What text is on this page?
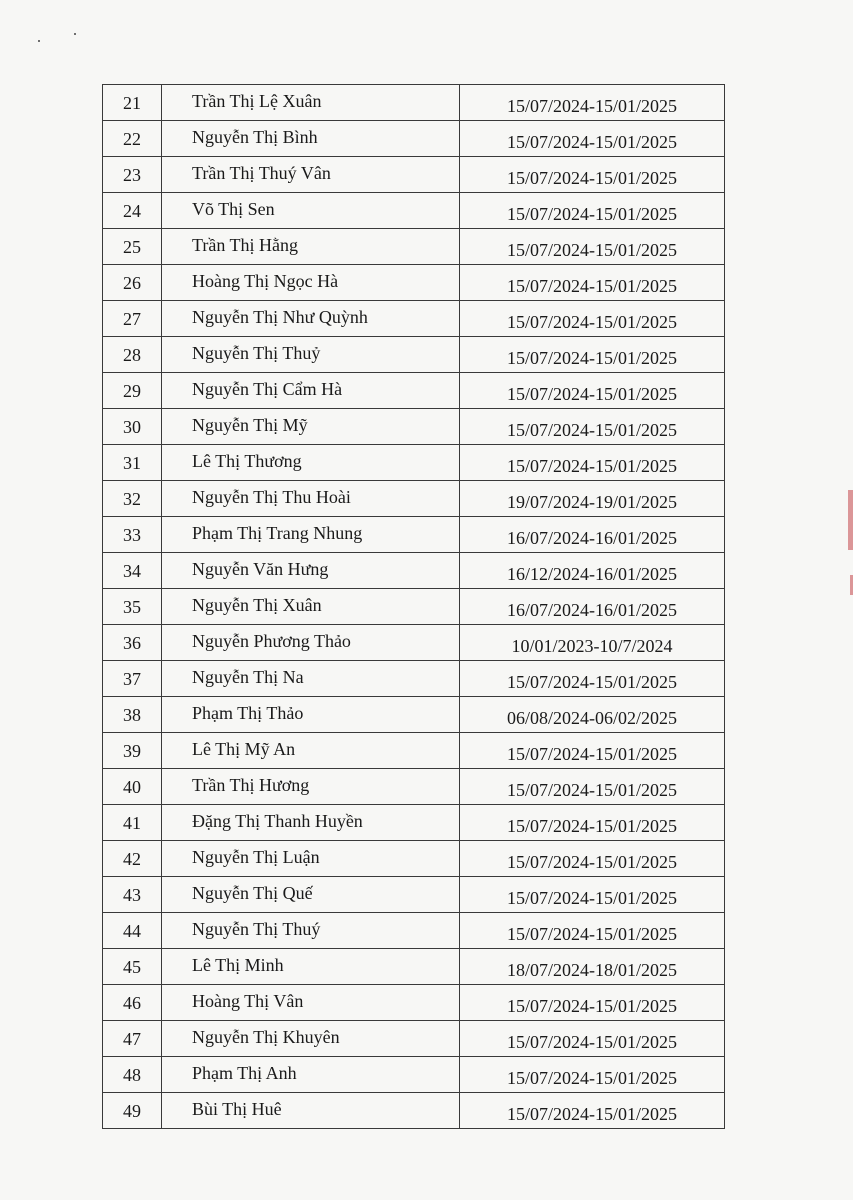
21	Trần Thị Lệ Xuân	15/07/2024-15/01/2025
22	Nguyễn Thị Bình	15/07/2024-15/01/2025
23	Trần Thị Thuý Vân	15/07/2024-15/01/2025
24	Võ Thị Sen	15/07/2024-15/01/2025
25	Trần Thị Hằng	15/07/2024-15/01/2025
26	Hoàng Thị Ngọc Hà	15/07/2024-15/01/2025
27	Nguyễn Thị Như Quỳnh	15/07/2024-15/01/2025
28	Nguyễn Thị Thuỷ	15/07/2024-15/01/2025
29	Nguyễn Thị Cẩm Hà	15/07/2024-15/01/2025
30	Nguyễn Thị Mỹ	15/07/2024-15/01/2025
31	Lê Thị Thương	15/07/2024-15/01/2025
32	Nguyễn Thị Thu Hoài	19/07/2024-19/01/2025
33	Phạm Thị Trang Nhung	16/07/2024-16/01/2025
34	Nguyễn Văn Hưng	16/12/2024-16/01/2025
35	Nguyễn Thị Xuân	16/07/2024-16/01/2025
36	Nguyễn Phương Thảo	10/01/2023-10/7/2024
37	Nguyễn Thị Na	15/07/2024-15/01/2025
38	Phạm Thị Thảo	06/08/2024-06/02/2025
39	Lê Thị Mỹ An	15/07/2024-15/01/2025
40	Trần Thị Hương	15/07/2024-15/01/2025
41	Đặng Thị Thanh Huyền	15/07/2024-15/01/2025
42	Nguyễn Thị Luận	15/07/2024-15/01/2025
43	Nguyễn Thị Quế	15/07/2024-15/01/2025
44	Nguyễn Thị Thuý	15/07/2024-15/01/2025
45	Lê Thị Minh	18/07/2024-18/01/2025
46	Hoàng Thị Vân	15/07/2024-15/01/2025
47	Nguyễn Thị Khuyên	15/07/2024-15/01/2025
48	Phạm Thị Anh	15/07/2024-15/01/2025
49	Bùi Thị Huê	15/07/2024-15/01/2025
